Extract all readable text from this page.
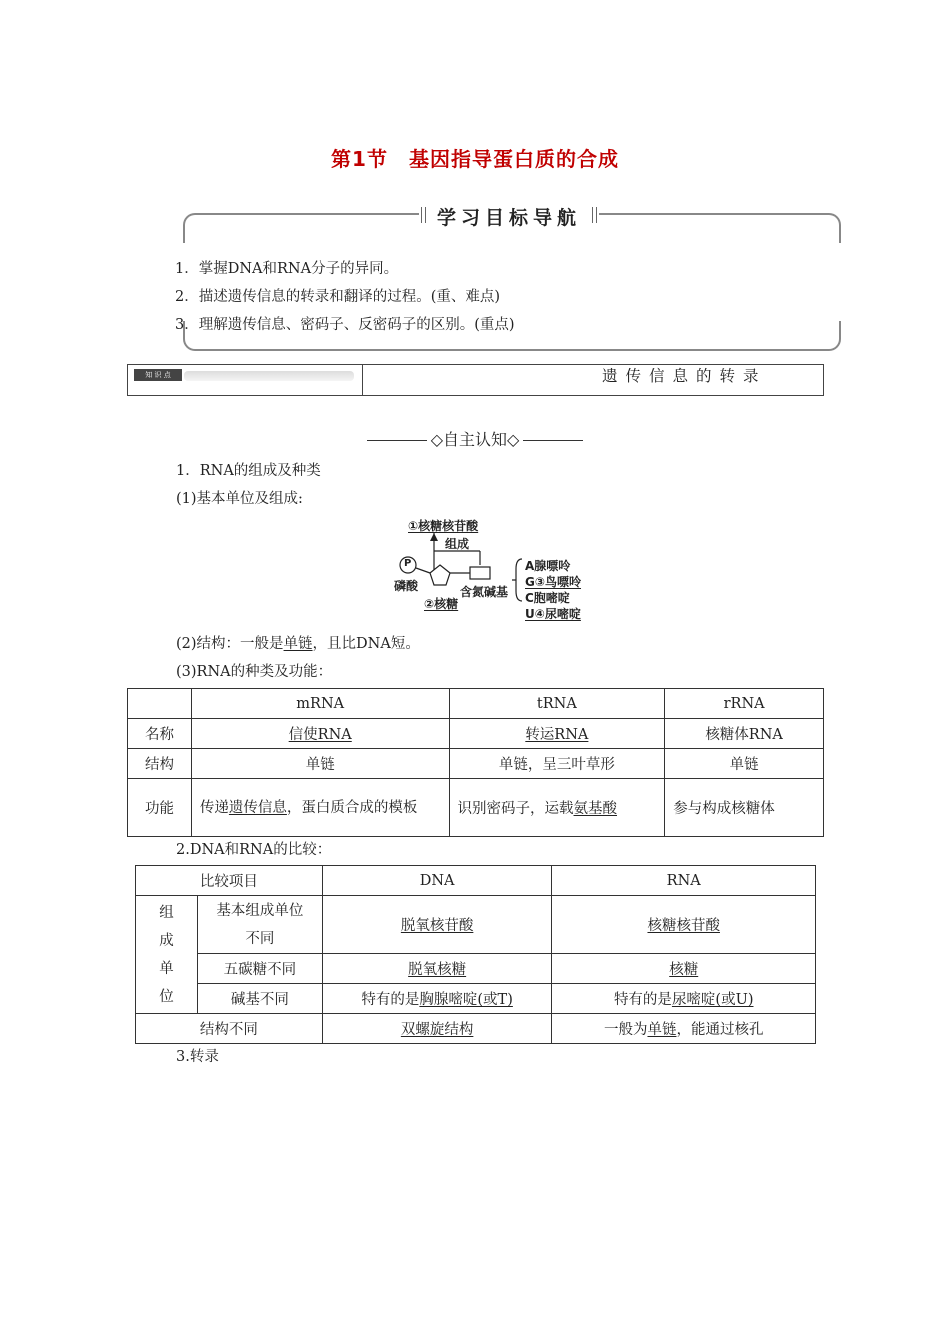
第1节　基因指导蛋白质的合成
学习目标导航
1．掌握DNA和RNA分子的异同。
2．描述遗传信息的转录和翻译的过程。(重、难点)
3．理解遗传信息、密码子、反密码子的区别。(重点)
知 识 点	遗传信息的转录
◇自主认知◇
1．RNA的组成及种类
(1)基本单位及组成:
①核糖核苷酸
组成
P
磷酸
②核糖
含氮碱基
A腺嘌呤
G③鸟嘌呤
C胞嘧啶
U④尿嘧啶
(2)结构：一般是单链，且比DNA短。
(3)RNA的种类及功能：
	mRNA	tRNA	rRNA
名称	信使RNA	转运RNA	核糖体RNA
结构	单链	单链，呈三叶草形	单链
功能	传递遗传信息，蛋白质合成的模板	识别密码子，运载氨基酸	参与构成核糖体
2.DNA和RNA的比较：
比较项目		DNA	RNA
组成单位	基本组成单位不同	脱氧核苷酸	核糖核苷酸
	五碳糖不同	脱氧核糖	核糖
	碱基不同	特有的是胸腺嘧啶(或T)	特有的是尿嘧啶(或U)
结构不同		双螺旋结构	一般为单链，能通过核孔
3.转录
